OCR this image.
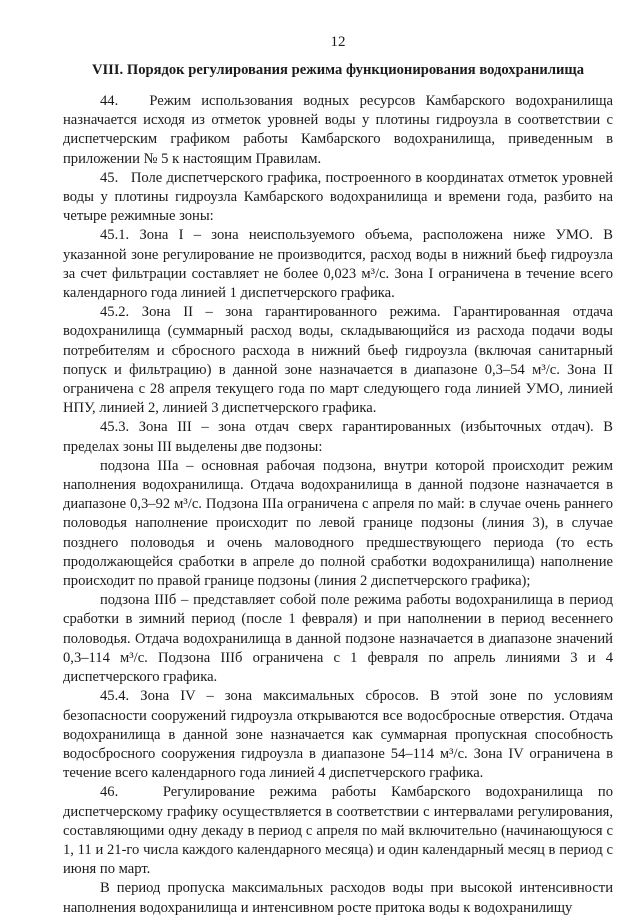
12
VIII. Порядок регулирования режима функционирования водохранилища

44.   Режим использования водных ресурсов Камбарского водохранилища назначается исходя из отметок уровней воды у плотины гидроузла в соответствии с диспетчерским графиком работы Камбарского водохранилища, приведенным в приложении № 5 к настоящим Правилам.

45.   Поле диспетчерского графика, построенного в координатах отметок уровней воды у плотины гидроузла Камбарского водохранилища и времени года, разбито на четыре режимные зоны:

45.1. Зона I – зона неиспользуемого объема, расположена ниже УМО. В указанной зоне регулирование не производится, расход воды в нижний бьеф гидроузла за счет фильтрации составляет не более 0,023 м³/с. Зона I ограничена в течение всего календарного года линией 1 диспетчерского графика.

45.2. Зона II – зона гарантированного режима. Гарантированная отдача водохранилища (суммарный расход воды, складывающийся из расхода подачи воды потребителям и сбросного расхода в нижний бьеф гидроузла (включая санитарный попуск и фильтрацию) в данной зоне назначается в диапазоне 0,3–54 м³/с. Зона II ограничена с 28 апреля текущего года по март следующего года линией УМО, линией НПУ, линией 2, линией 3 диспетчерского графика.

45.3. Зона III – зона отдач сверх гарантированных (избыточных отдач). В пределах зоны III выделены две подзоны:

подзона IIIа – основная рабочая подзона, внутри которой происходит режим наполнения водохранилища. Отдача водохранилища в данной подзоне назначается в диапазоне 0,3–92 м³/с. Подзона IIIа ограничена с апреля по май: в случае очень раннего половодья наполнение происходит по левой границе подзоны (линия 3), в случае позднего половодья и очень маловодного предшествующего периода (то есть продолжающейся сработки в апреле до полной сработки водохранилища) наполнение происходит по правой границе подзоны (линия 2 диспетчерского графика);

подзона IIIб – представляет собой поле режима работы водохранилища в период сработки в зимний период (после 1 февраля) и при наполнении в период весеннего половодья. Отдача водохранилища в данной подзоне назначается в диапазоне значений 0,3–114 м³/с. Подзона IIIб ограничена с 1 февраля по апрель линиями 3 и 4 диспетчерского графика.

45.4. Зона IV – зона максимальных сбросов. В этой зоне по условиям безопасности сооружений гидроузла открываются все водосбросные отверстия. Отдача водохранилища в данной зоне назначается как суммарная пропускная способность водосбросного сооружения гидроузла в диапазоне 54–114 м³/с. Зона IV ограничена в течение всего календарного года линией 4 диспетчерского графика.

46.   Регулирование режима работы Камбарского водохранилища по диспетчерскому графику осуществляется в соответствии с интервалами регулирования, составляющими одну декаду в период с апреля по май включительно (начинающуюся с 1, 11 и 21-го числа каждого календарного месяца) и один календарный месяц в период с июня по март.

В период пропуска максимальных расходов воды при высокой интенсивности наполнения водохранилища и интенсивном росте притока воды к водохранилищу
